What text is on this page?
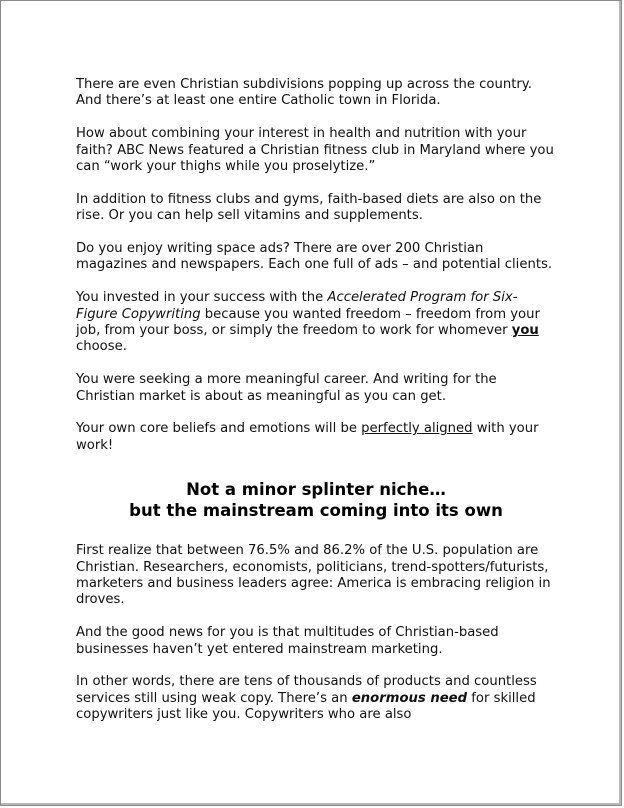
There are even Christian subdivisions popping up across the country. And there’s at least one entire Catholic town in Florida.

How about combining your interest in health and nutrition with your faith? ABC News featured a Christian fitness club in Maryland where you can “work your thighs while you proselytize.”

In addition to fitness clubs and gyms, faith-based diets are also on the rise. Or you can help sell vitamins and supplements.

Do you enjoy writing space ads? There are over 200 Christian magazines and newspapers. Each one full of ads – and potential clients.

You invested in your success with the Accelerated Program for Six-Figure Copywriting because you wanted freedom – freedom from your job, from your boss, or simply the freedom to work for whomever you choose.

You were seeking a more meaningful career. And writing for the Christian market is about as meaningful as you can get.

Your own core beliefs and emotions will be perfectly aligned with your work!

Not a minor splinter niche…
but the mainstream coming into its own

First realize that between 76.5% and 86.2% of the U.S. population are Christian. Researchers, economists, politicians, trend-spotters/futurists, marketers and business leaders agree: America is embracing religion in droves.

And the good news for you is that multitudes of Christian-based businesses haven’t yet entered mainstream marketing.

In other words, there are tens of thousands of products and countless services still using weak copy. There’s an enormous need for skilled copywriters just like you. Copywriters who are also
